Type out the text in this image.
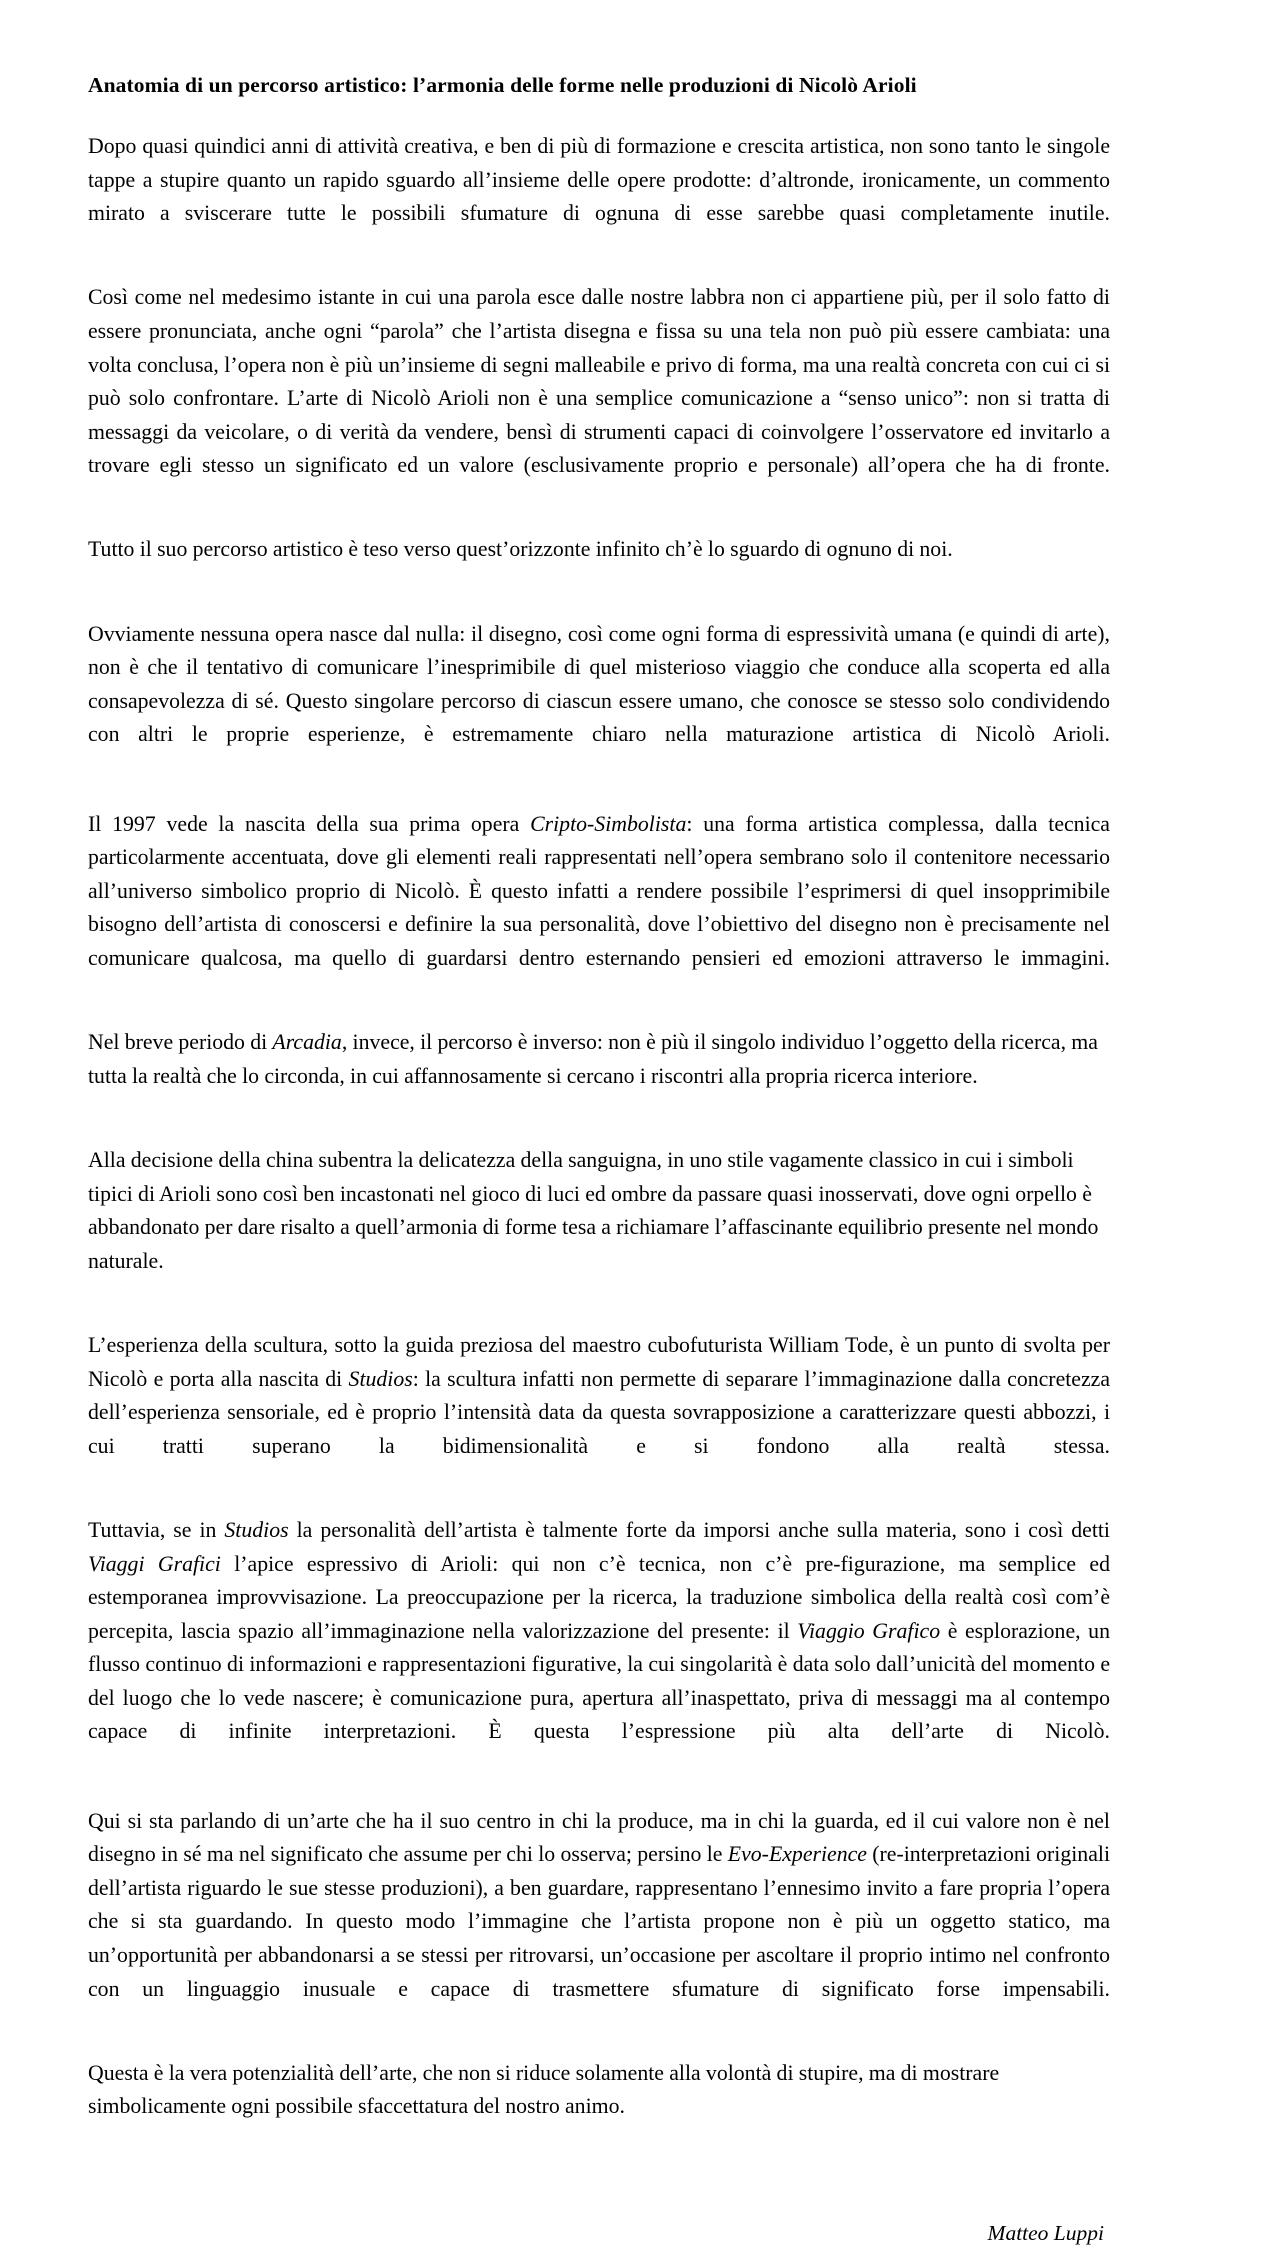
Anatomia di un percorso artistico: l’armonia delle forme nelle produzioni di Nicolò Arioli

Dopo quasi quindici anni di attività creativa, e ben di più di formazione e crescita artistica, non sono tanto le singole tappe a stupire quanto un rapido sguardo all’insieme delle opere prodotte: d’altronde, ironicamente, un commento mirato a sviscerare tutte le possibili sfumature di ognuna di esse sarebbe quasi completamente inutile.

Così come nel medesimo istante in cui una parola esce dalle nostre labbra non ci appartiene più, per il solo fatto di essere pronunciata, anche ogni “parola” che l’artista disegna e fissa su una tela non può più essere cambiata: una volta conclusa, l’opera non è più un’insieme di segni malleabile e privo di forma, ma una realtà concreta con cui ci si può solo confrontare. L’arte di Nicolò Arioli non è una semplice comunicazione a “senso unico”: non si tratta di messaggi da veicolare, o di verità da vendere, bensì di strumenti capaci di coinvolgere l’osservatore ed invitarlo a trovare egli stesso un significato ed un valore (esclusivamente proprio e personale) all’opera che ha di fronte.

Tutto il suo percorso artistico è teso verso quest’orizzonte infinito ch’è lo sguardo di ognuno di noi.

Ovviamente nessuna opera nasce dal nulla: il disegno, così come ogni forma di espressività umana (e quindi di arte), non è che il tentativo di comunicare l’inesprimibile di quel misterioso viaggio che conduce alla scoperta ed alla consapevolezza di sé. Questo singolare percorso di ciascun essere umano, che conosce se stesso solo condividendo con altri le proprie esperienze, è estremamente chiaro nella maturazione artistica di Nicolò Arioli.

Il 1997 vede la nascita della sua prima opera Cripto-Simbolista: una forma artistica complessa, dalla tecnica particolarmente accentuata, dove gli elementi reali rappresentati nell’opera sembrano solo il contenitore necessario all’universo simbolico proprio di Nicolò. È questo infatti a rendere possibile l’esprimersi di quel insopprimibile bisogno dell’artista di conoscersi e definire la sua personalità, dove l’obiettivo del disegno non è precisamente nel comunicare qualcosa, ma quello di guardarsi dentro esternando pensieri ed emozioni attraverso le immagini.

Nel breve periodo di Arcadia, invece, il percorso è inverso: non è più il singolo individuo l’oggetto della ricerca, ma tutta la realtà che lo circonda, in cui affannosamente si cercano i riscontri alla propria ricerca interiore.

Alla decisione della china subentra la delicatezza della sanguigna, in uno stile vagamente classico in cui i simboli tipici di Arioli sono così ben incastonati nel gioco di luci ed ombre da passare quasi inosservati, dove ogni orpello è abbandonato per dare risalto a quell’armonia di forme tesa a richiamare l’affascinante equilibrio presente nel mondo naturale.

L’esperienza della scultura, sotto la guida preziosa del maestro cubofuturista William Tode, è un punto di svolta per Nicolò e porta alla nascita di Studios: la scultura infatti non permette di separare l’immaginazione dalla concretezza dell’esperienza sensoriale, ed è proprio l’intensità data da questa sovrapposizione a caratterizzare questi abbozzi, i cui tratti superano la bidimensionalità e si fondono alla realtà stessa.

Tuttavia, se in Studios la personalità dell’artista è talmente forte da imporsi anche sulla materia, sono i così detti Viaggi Grafici l’apice espressivo di Arioli: qui non c’è tecnica, non c’è pre-figurazione, ma semplice ed estemporanea improvvisazione. La preoccupazione per la ricerca, la traduzione simbolica della realtà così com’è percepita, lascia spazio all’immaginazione nella valorizzazione del presente: il Viaggio Grafico è esplorazione, un flusso continuo di informazioni e rappresentazioni figurative, la cui singolarità è data solo dall’unicità del momento e del luogo che lo vede nascere; è comunicazione pura, apertura all’inaspettato, priva di messaggi ma al contempo capace di infinite interpretazioni. È questa l’espressione più alta dell’arte di Nicolò.

Qui si sta parlando di un’arte che ha il suo centro in chi la produce, ma in chi la guarda, ed il cui valore non è nel disegno in sé ma nel significato che assume per chi lo osserva; persino le Evo-Experience (re-interpretazioni originali dell’artista riguardo le sue stesse produzioni), a ben guardare, rappresentano l’ennesimo invito a fare propria l’opera che si sta guardando. In questo modo l’immagine che l’artista propone non è più un oggetto statico, ma un’opportunità per abbandonarsi a se stessi per ritrovarsi, un’occasione per ascoltare il proprio intimo nel confronto con un linguaggio inusuale e capace di trasmettere sfumature di significato forse impensabili.

Questa è la vera potenzialità dell’arte, che non si riduce solamente alla volontà di stupire, ma di mostrare simbolicamente ogni possibile sfaccettatura del nostro animo.

Matteo Luppi
